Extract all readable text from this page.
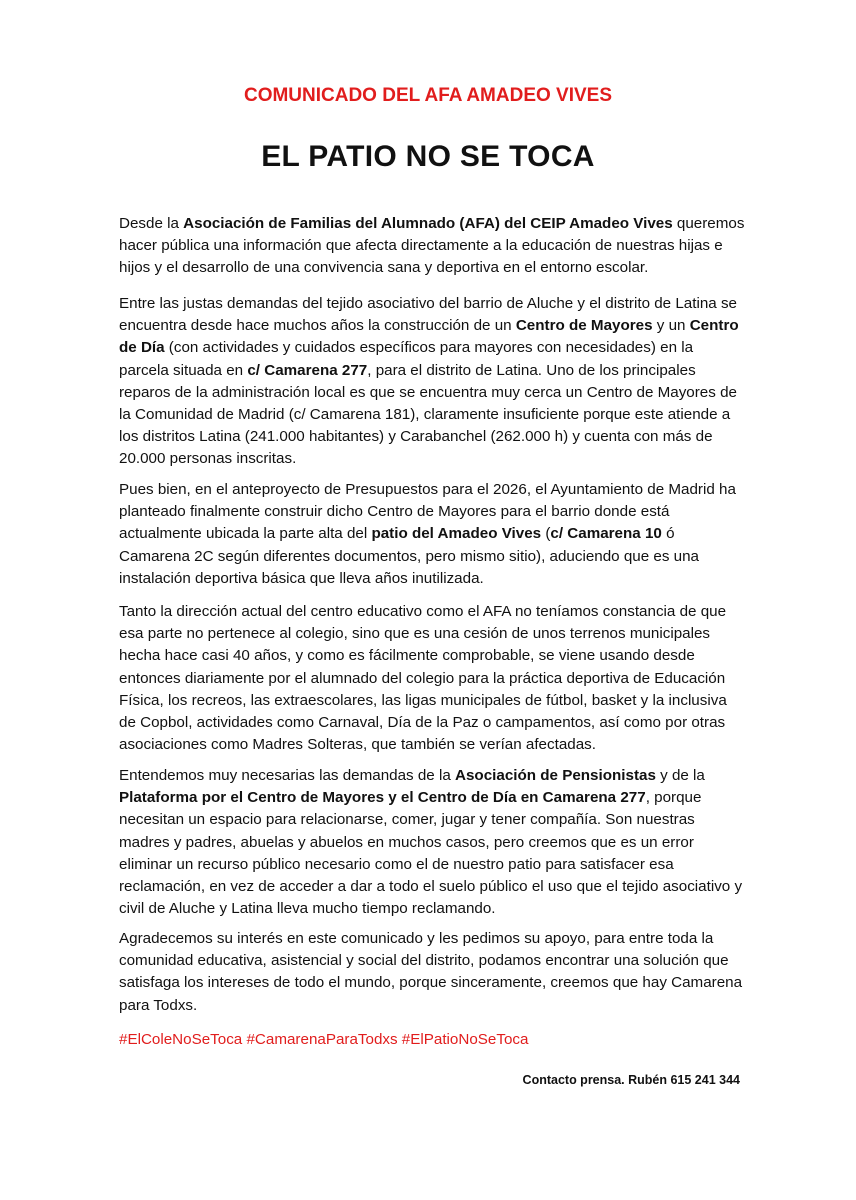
COMUNICADO DEL AFA AMADEO VIVES
EL PATIO NO SE TOCA

Desde la Asociación de Familias del Alumnado (AFA) del CEIP Amadeo Vives queremos hacer pública una información que afecta directamente a la educación de nuestras hijas e hijos y el desarrollo de una convivencia sana y deportiva en el entorno escolar.

Entre las justas demandas del tejido asociativo del barrio de Aluche y el distrito de Latina se encuentra desde hace muchos años la construcción de un Centro de Mayores y un Centro de Día (con actividades y cuidados específicos para mayores con necesidades) en la parcela situada en c/ Camarena 277, para el distrito de Latina. Uno de los principales reparos de la administración local es que se encuentra muy cerca un Centro de Mayores de la Comunidad de Madrid (c/ Camarena 181), claramente insuficiente porque este atiende a los distritos Latina (241.000 habitantes) y Carabanchel (262.000 h) y cuenta con más de 20.000 personas inscritas.

Pues bien, en el anteproyecto de Presupuestos para el 2026, el Ayuntamiento de Madrid ha planteado finalmente construir dicho Centro de Mayores para el barrio donde está actualmente ubicada la parte alta del patio del Amadeo Vives (c/ Camarena 10 ó Camarena 2C según diferentes documentos, pero mismo sitio), aduciendo que es una instalación deportiva básica que lleva años inutilizada.

Tanto la dirección actual del centro educativo como el AFA no teníamos constancia de que esa parte no pertenece al colegio, sino que es una cesión de unos terrenos municipales hecha hace casi 40 años, y como es fácilmente comprobable, se viene usando desde entonces diariamente por el alumnado del colegio para la práctica deportiva de Educación Física, los recreos, las extraescolares, las ligas municipales de fútbol, basket y la inclusiva de Copbol, actividades como Carnaval, Día de la Paz o campamentos, así como por otras asociaciones como Madres Solteras, que también se verían afectadas.

Entendemos muy necesarias las demandas de la Asociación de Pensionistas y de la Plataforma por el Centro de Mayores y el Centro de Día en Camarena 277, porque necesitan un espacio para relacionarse, comer, jugar y tener compañía. Son nuestras madres y padres, abuelas y abuelos en muchos casos, pero creemos que es un error eliminar un recurso público necesario como el de nuestro patio para satisfacer esa reclamación, en vez de acceder a dar a todo el suelo público el uso que el tejido asociativo y civil de Aluche y Latina lleva mucho tiempo reclamando.

Agradecemos su interés en este comunicado y les pedimos su apoyo, para entre toda la comunidad educativa, asistencial y social del distrito, podamos encontrar una solución que satisfaga los intereses de todo el mundo, porque sinceramente, creemos que hay Camarena para Todxs.

#ElColeNoSeToca #CamarenaParaTodxs #ElPatioNoSeToca
Contacto prensa. Rubén 615 241 344
